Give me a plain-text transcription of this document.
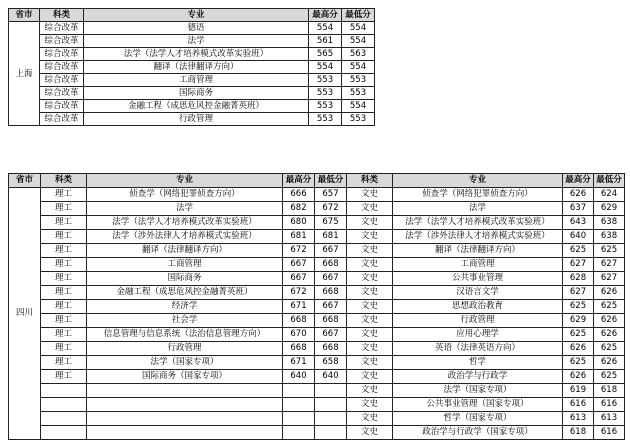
省市	科类	专业	最高分	最低分
上海	综合改革	德语	554	554
	综合改革	法学	561	554
	综合改革	法学（法学人才培养模式改革实验班）	565	563
	综合改革	翻译（法律翻译方向）	554	554
	综合改革	工商管理	553	553
	综合改革	国际商务	553	553
	综合改革	金融工程（成思危风控金融菁英班）	553	554
	综合改革	行政管理	553	553
省市	科类	专业	最高分	最低分	科类	专业	最高分	最低分
四川	理工	侦查学（网络犯罪侦查方向）	666	657	文史	侦查学（网络犯罪侦查方向）	626	624
	理工	法学	682	672	文史	法学	637	629
	理工	法学（法学人才培养模式改革实验班）	680	675	文史	法学（法学人才培养模式改革实验班）	643	638
	理工	法学（涉外法律人才培养模式实验班）	681	681	文史	法学（涉外法律人才培养模式实验班）	640	638
	理工	翻译（法律翻译方向）	672	667	文史	翻译（法律翻译方向）	625	625
	理工	工商管理	667	668	文史	工商管理	627	627
	理工	国际商务	667	667	文史	公共事业管理	628	627
	理工	金融工程（成思危风控金融菁英班）	672	668	文史	汉语言文学	627	626
	理工	经济学	671	667	文史	思想政治教育	625	625
	理工	社会学	668	668	文史	行政管理	629	626
	理工	信息管理与信息系统（法治信息管理方向）	670	667	文史	应用心理学	625	626
	理工	行政管理	668	668	文史	英语（法律英语方向）	626	625
	理工	法学（国家专项）	671	658	文史	哲学	625	626
	理工	国际商务（国家专项）	640	640	文史	政治学与行政学	626	625
					文史	法学（国家专项）	619	618
					文史	公共事业管理（国家专项）	616	616
					文史	哲学（国家专项）	613	613
					文史	政治学与行政学（国家专项）	618	616
